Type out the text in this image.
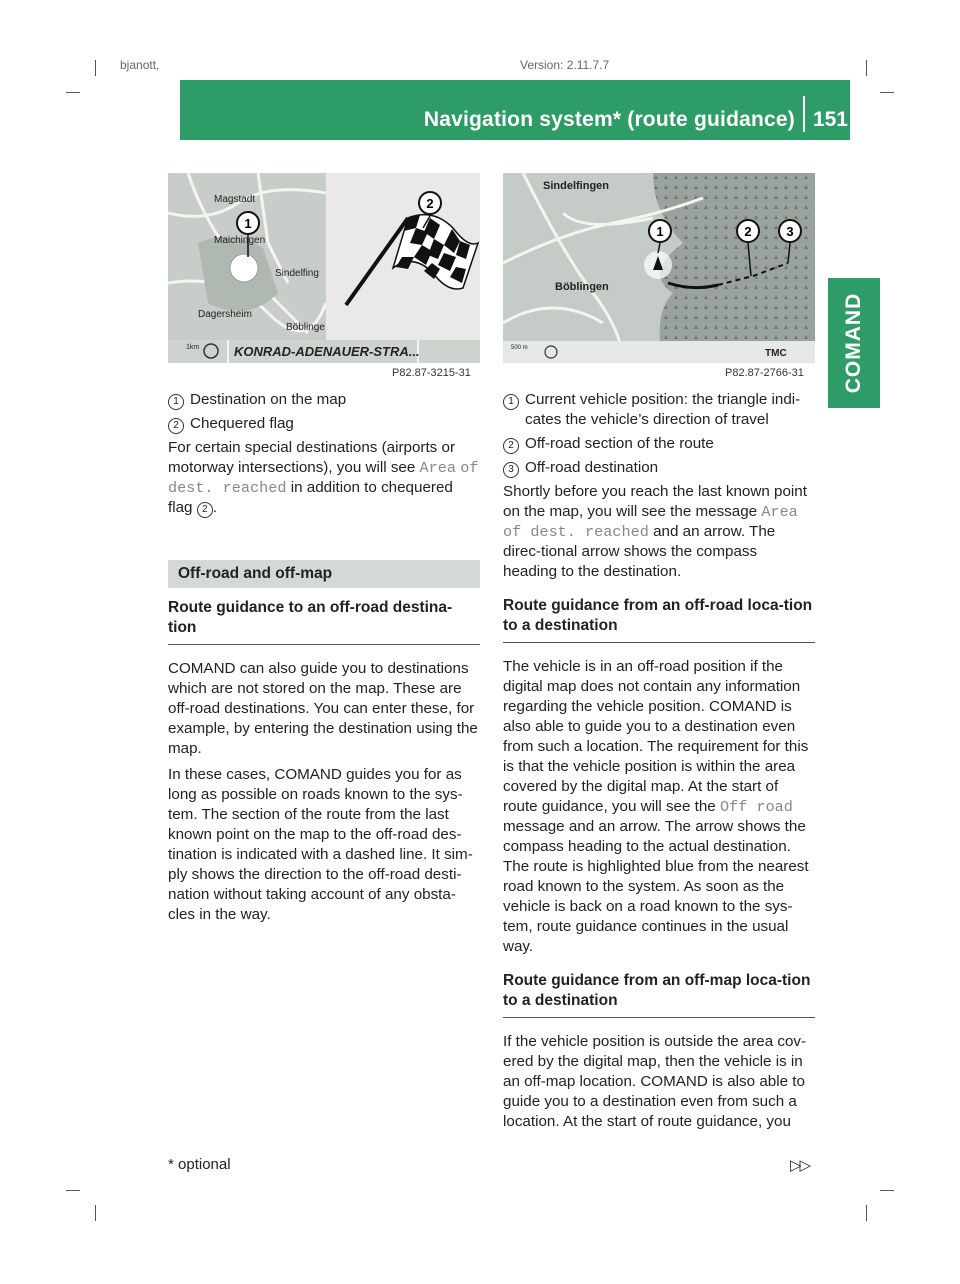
bjanott,	Version: 2.11.7.7
Navigation system* (route guidance) 151
COMAND
1km	KONRAD-ADENAUER-STRA...
Magstadt
Maichingen
Sindelfing
Dagersheim
Böblinge
1
2
P82.87-3215-31
500 m	TMC
Sindelfingen
Böblingen
1	2	3
P82.87-2766-31
1 Destination on the map
2 Chequered flag

For certain special destinations (airports or motorway intersections), you will see Area of dest. reached in addition to chequered flag 2 .

Off-road and off-map
Route guidance to an off-road destina-tion

COMAND can also guide you to destinations which are not stored on the map. These are off-road destinations. You can enter these, for example, by entering the destination using the map.

In these cases, COMAND guides you for as long as possible on roads known to the sys-tem. The section of the route from the last known point on the map to the off-road des-tination is indicated with a dashed line. It sim-ply shows the direction to the off-road desti-nation without taking account of any obsta-cles in the way.

1 Current vehicle position: the triangle indi-cates the vehicle’s direction of travel
2 Off-road section of the route
3 Off-road destination

Shortly before you reach the last known point on the map, you will see the message Area of dest. reached and an arrow. The direc-tional arrow shows the compass heading to the destination.

Route guidance from an off-road loca-tion to a destination

The vehicle is in an off-road position if the digital map does not contain any information regarding the vehicle position. COMAND is also able to guide you to a destination even from such a location. The requirement for this is that the vehicle position is within the area covered by the digital map. At the start of route guidance, you will see the Off road message and an arrow. The arrow shows the compass heading to the actual destination. The route is highlighted blue from the nearest road known to the system. As soon as the vehicle is back on a road known to the sys-tem, route guidance continues in the usual way.

Route guidance from an off-map loca-tion to a destination

If the vehicle position is outside the area cov-ered by the digital map, then the vehicle is in an off-map location. COMAND is also able to guide you to a destination even from such a location. At the start of route guidance, you

* optional	▷▷
